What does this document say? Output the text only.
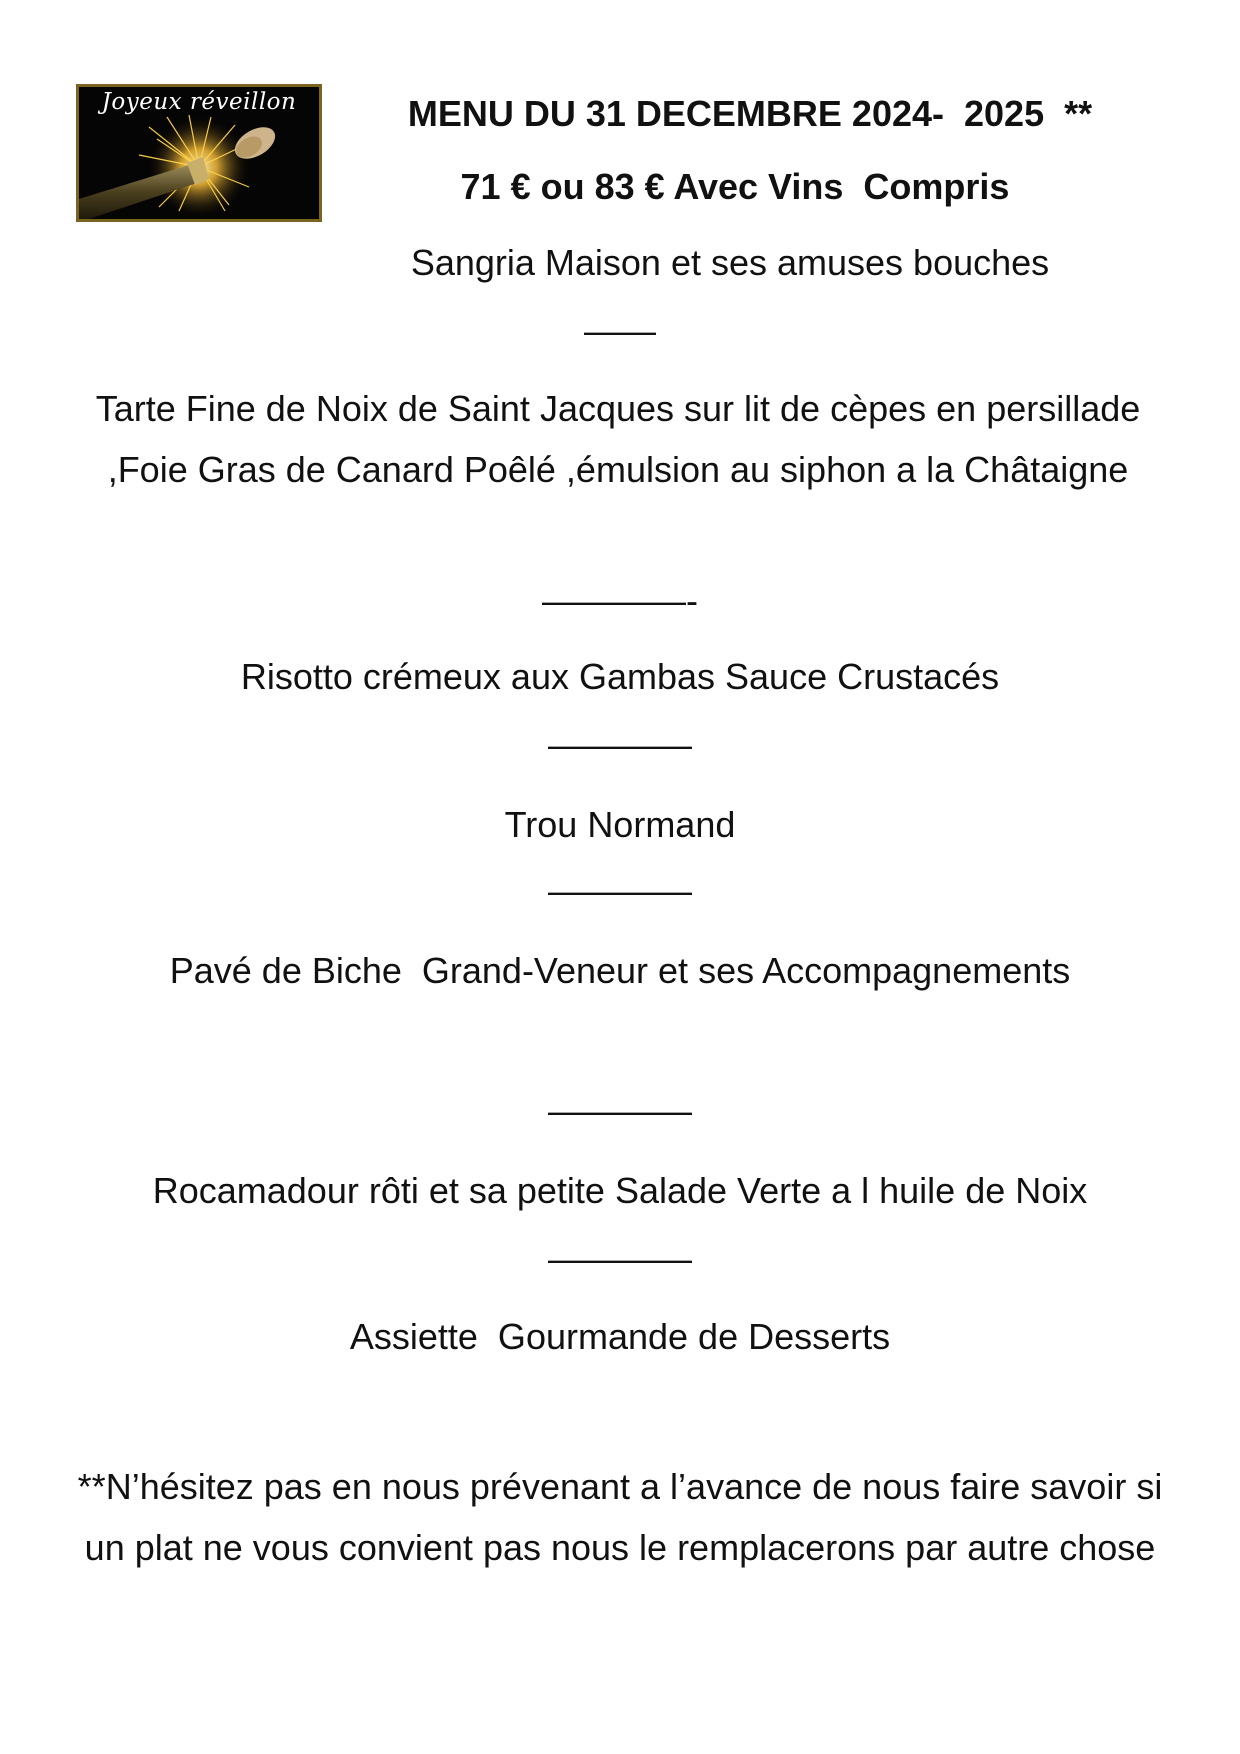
Joyeux réveillon	MENU DU 31 DECEMBRE 2024-  2025  **
71 € ou 83 € Avec Vins  Compris
Sangria Maison et ses amuses bouches
——
Tarte Fine de Noix de Saint Jacques sur lit de cèpes en persillade ,Foie Gras de Canard Poêlé ,émulsion au siphon a la Châtaigne
————-
Risotto crémeux aux Gambas Sauce Crustacés
————
Trou Normand
————
Pavé de Biche  Grand-Veneur et ses Accompagnements
————
Rocamadour rôti et sa petite Salade Verte a l huile de Noix
————
Assiette  Gourmande de Desserts
**N’hésitez pas en nous prévenant a l’avance de nous faire savoir si un plat ne vous convient pas nous le remplacerons par autre chose
